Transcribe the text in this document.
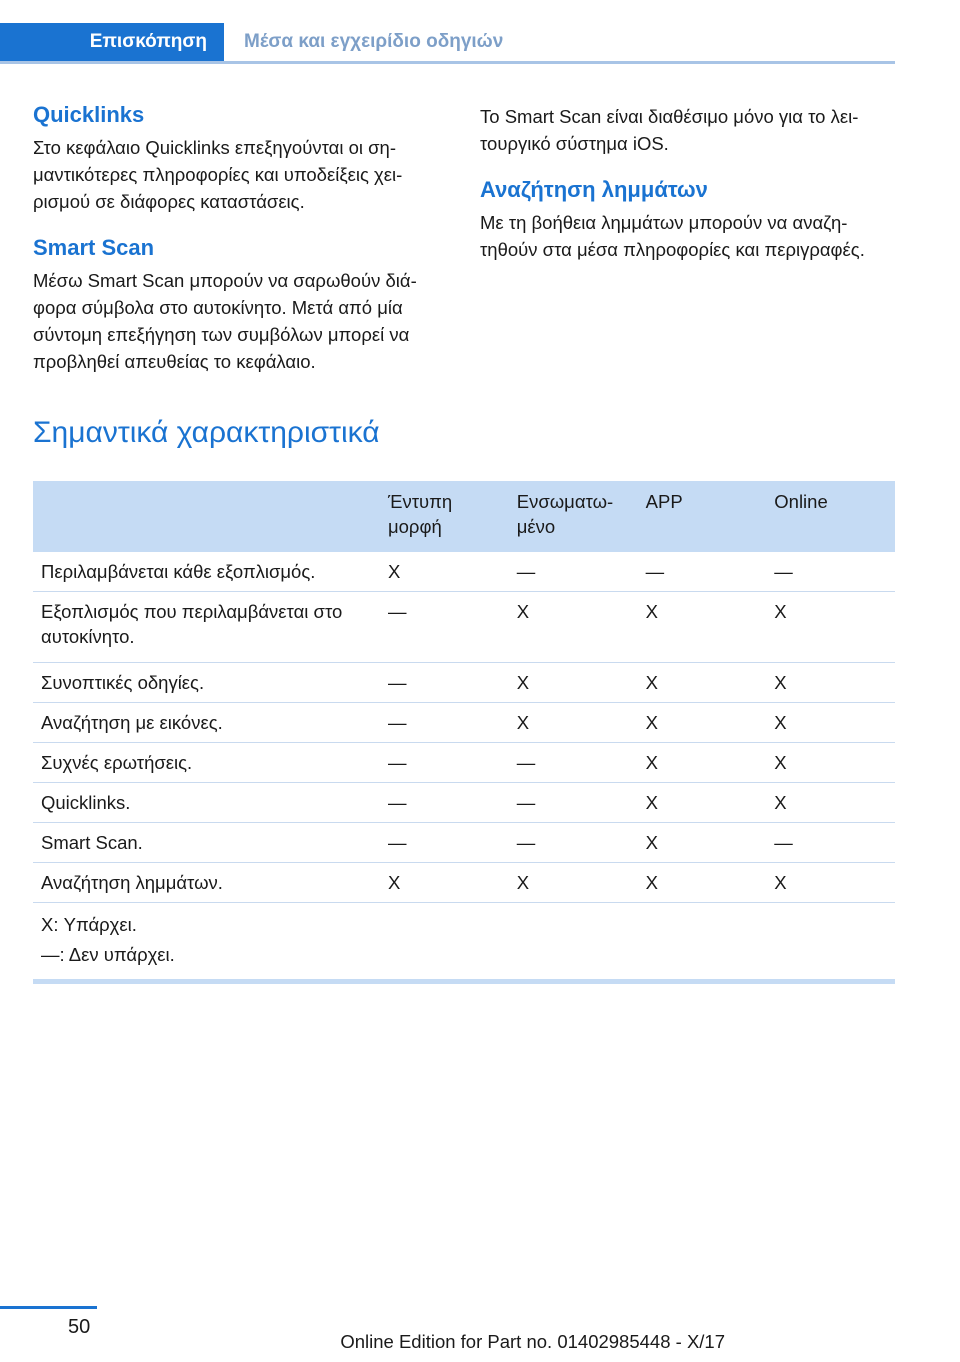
Επισκόπηση	Μέσα και εγχειρίδιο οδηγιών
Quicklinks

Στο κεφάλαιο Quicklinks επεξηγούνται οι σημαντικότερες πληροφορίες και υποδείξεις χειρισμού σε διάφορες καταστάσεις.

Smart Scan

Μέσω Smart Scan μπορούν να σαρωθούν διάφορα σύμβολα στο αυτοκίνητο. Μετά από μία σύντομη επεξήγηση των συμβόλων μπορεί να προβληθεί απευθείας το κεφάλαιο.

Το Smart Scan είναι διαθέσιμο μόνο για το λειτουργικό σύστημα iOS.

Αναζήτηση λημμάτων

Με τη βοήθεια λημμάτων μπορούν να αναζητηθούν στα μέσα πληροφορίες και περιγραφές.

Σημαντικά χαρακτηριστικά
	Έντυπη μορφή	Ενσωματωμένο	APP	Online
Περιλαμβάνεται κάθε εξοπλισμός.	X	—	—	—
Εξοπλισμός που περιλαμβάνεται στο αυτοκίνητο.	—	X	X	X
Συνοπτικές οδηγίες.	—	X	X	X
Αναζήτηση με εικόνες.	—	X	X	X
Συχνές ερωτήσεις.	—	—	X	X
Quicklinks.	—	—	X	X
Smart Scan.	—	—	X	—
Αναζήτηση λημμάτων.	X	X	X	X

X: Υπάρχει.
—: Δεν υπάρχει.				
50
Online Edition for Part no. 01402985448 - X/17
